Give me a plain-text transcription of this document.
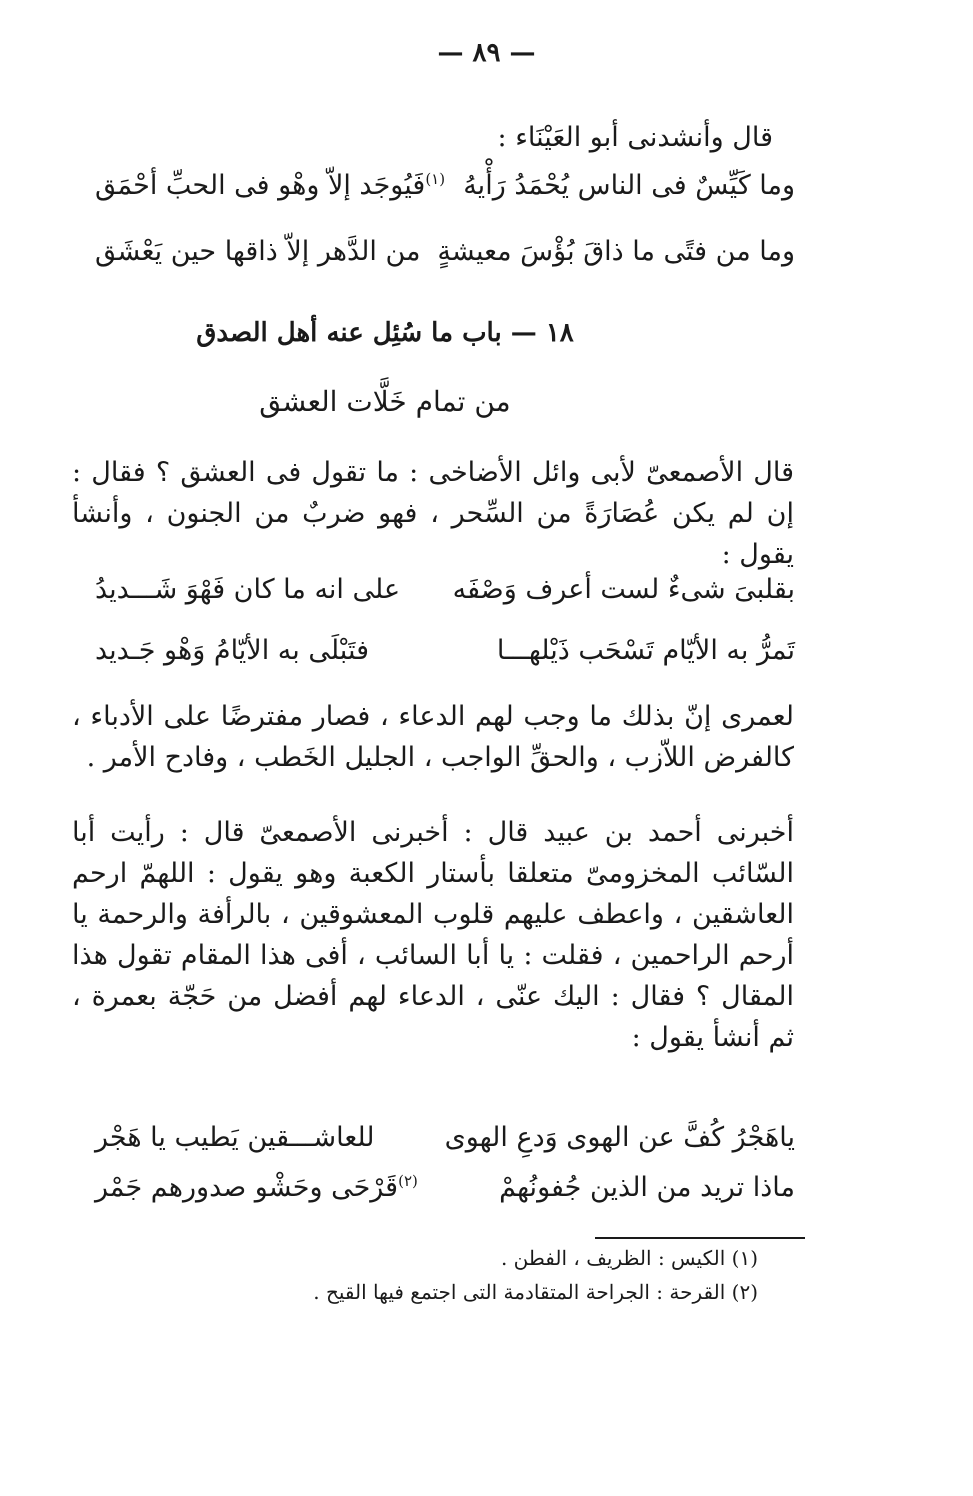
— ٨٩ —
قال وأنشدنى أبو العَيْنَاء :
وما كَيِّسٌ فى الناس يُحْمَدُ رَأْيهُ
$^{(١)}$فَيُوجَد إلاّ وهْو فى الحبِّ أحْمَق
وما من فتًى ما ذاقَ بُؤْسَ معيشةٍ
من الدَّهر إلاّ ذاقها حين يَعْشَق
١٨ — باب ما سُئِل عنه أهل الصدق
من تمام خَلَّات العشق
قال الأصمعىّ لأبى وائل الأضاخى : ما تقول فى العشق ؟ فقال : إن لم يكن عُصَارَةً من السِّحر ، فهو ضربٌ من الجنون ، وأنشأ يقول :
بقلبىَ شىءٌ لست أعرف وَصْفَه
على انه ما كان فَهْوَ شَـــديدُ
تَمرُّ به الأيّام تَسْحَب ذَيْلهـــا
فتَبْلَى به الأيّامُ وَهْو جَـديد
لعمرى إنّ بذلك ما وجب لهم الدعاء ، فصار مفترضًا على الأدباء ، كالفرض اللاّزب ، والحقِّ الواجب ، الجليل الخَطب ، وفادح الأمر .
أخبرنى أحمد بن عبيد قال : أخبرنى الأصمعىّ قال : رأيت أبا السّائب المخزومىّ متعلقا بأستار الكعبة وهو يقول : اللهمّ ارحم العاشقين ، واعطف عليهم قلوب المعشوقين ، بالرأفة والرحمة يا أرحم الراحمين ، فقلت : يا أبا السائب ، أفى هذا المقام تقول هذا المقال ؟ فقال : اليك عنّى ، الدعاء لهم أفضل من حَجّة بعمرة ، ثم أنشأ يقول :
ياهَجْرُ كُفَّ عن الهوى وَدعِ الهوى
للعاشـــقين يَطيب يا هَجْر
ماذا تريد من الذين جُفونُهمْ
$^{(٢)}$قَرْحَى وحَشْو صدورهم جَمْر
(١) الكيس : الظريف ، الفطن .
(٢) القرحة : الجراحة المتقادمة التى اجتمع فيها القيح .
